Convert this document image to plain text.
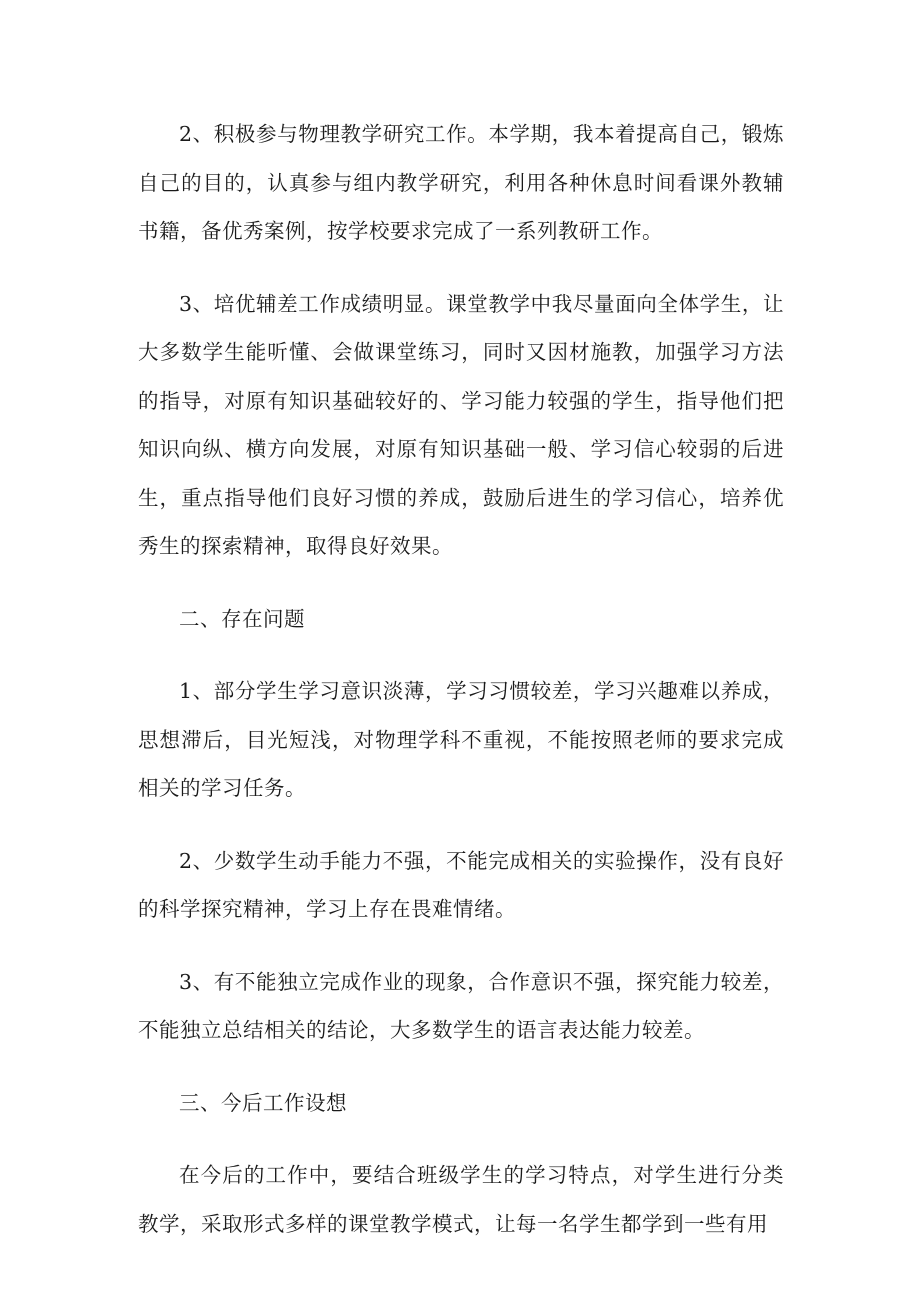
2、积极参与物理教学研究工作。本学期，我本着提高自己，锻炼自己的目的，认真参与组内教学研究，利用各种休息时间看课外教辅书籍，备优秀案例，按学校要求完成了一系列教研工作。

3、培优辅差工作成绩明显。课堂教学中我尽量面向全体学生，让大多数学生能听懂、会做课堂练习，同时又因材施教，加强学习方法的指导，对原有知识基础较好的、学习能力较强的学生，指导他们把知识向纵、横方向发展，对原有知识基础一般、学习信心较弱的后进生，重点指导他们良好习惯的养成，鼓励后进生的学习信心，培养优秀生的探索精神，取得良好效果。

二、存在问题

1、部分学生学习意识淡薄，学习习惯较差，学习兴趣难以养成，思想滞后，目光短浅，对物理学科不重视，不能按照老师的要求完成相关的学习任务。

2、少数学生动手能力不强，不能完成相关的实验操作，没有良好的科学探究精神，学习上存在畏难情绪。

3、有不能独立完成作业的现象，合作意识不强，探究能力较差，不能独立总结相关的结论，大多数学生的语言表达能力较差。

三、今后工作设想

在今后的工作中，要结合班级学生的学习特点，对学生进行分类教学，采取形式多样的课堂教学模式，让每一名学生都学到一些有用
